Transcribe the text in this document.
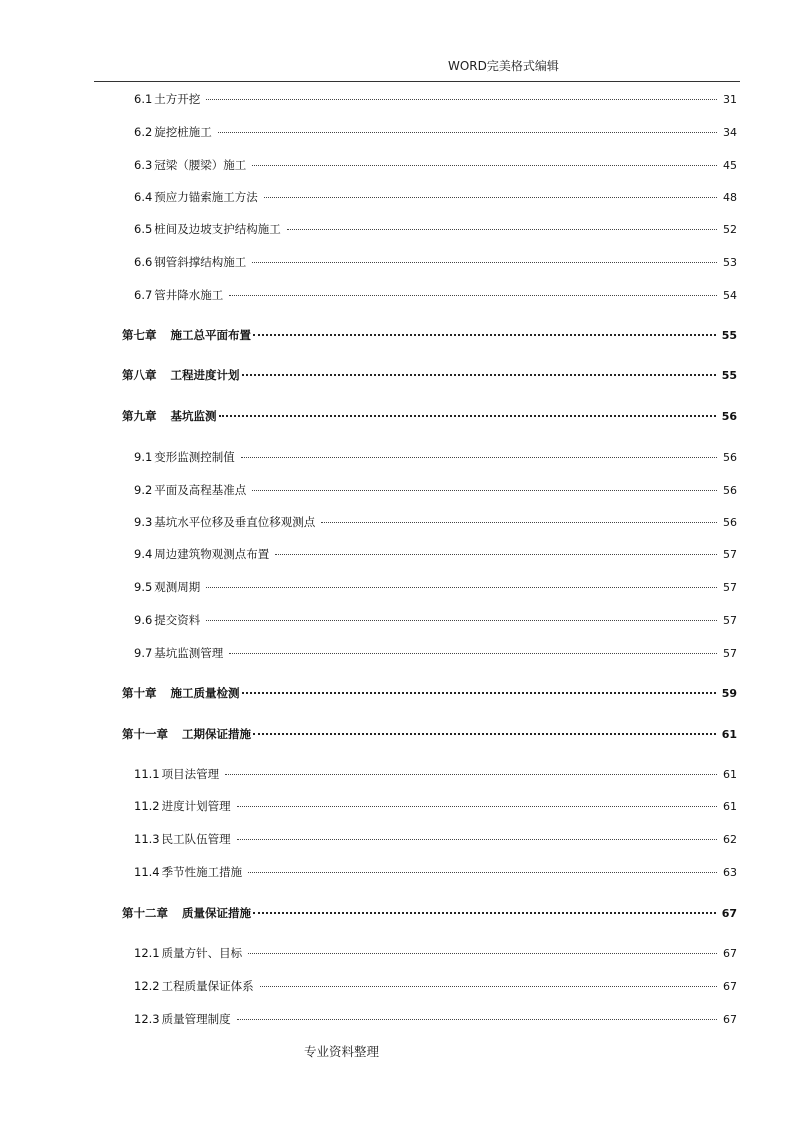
WORD完美格式编辑
6.1 土方开挖	31
6.2 旋挖桩施工	34
6.3 冠梁（腰梁）施工	45
6.4 预应力锚索施工方法	48
6.5 桩间及边坡支护结构施工	52
6.6 钢管斜撑结构施工	53
6.7 管井降水施工	54
第七章 施工总平面布置	55
第八章 工程进度计划	55
第九章 基坑监测	56
9.1 变形监测控制值	56
9.2 平面及高程基准点	56
9.3 基坑水平位移及垂直位移观测点	56
9.4 周边建筑物观测点布置	57
9.5 观测周期	57
9.6 提交资料	57
9.7 基坑监测管理	57
第十章 施工质量检测	59
第十一章 工期保证措施	61
11.1 项目法管理	61
11.2 进度计划管理	61
11.3 民工队伍管理	62
11.4 季节性施工措施	63
第十二章 质量保证措施	67
12.1 质量方针、目标	67
12.2 工程质量保证体系	67
12.3 质量管理制度	67
专业资料整理
